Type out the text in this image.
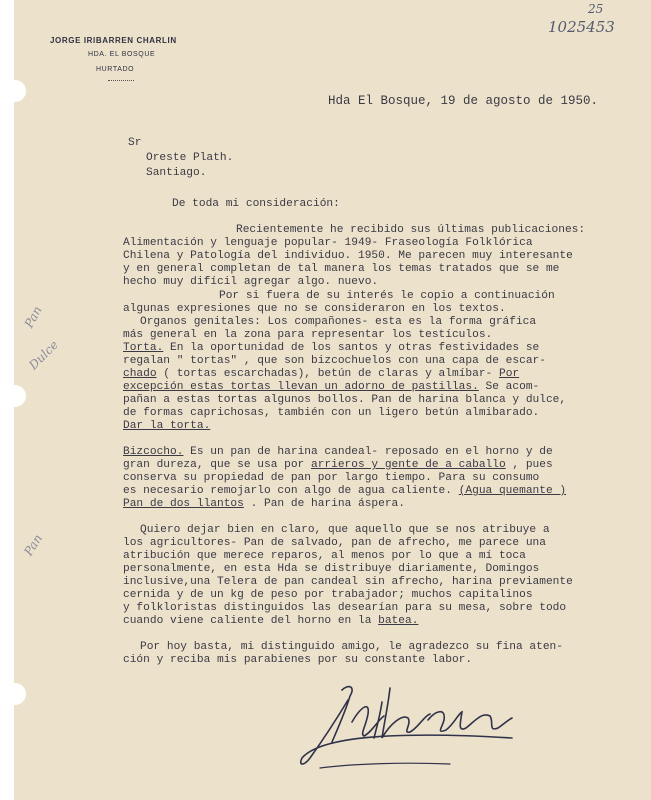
25
1025453
JORGE IRIBARREN CHARLIN
HDA. EL BOSQUE
HURTADO
Hda El Bosque, 19 de agosto de 1950.
Sr
Oreste Plath.
Santiago.
De toda mi consideración:
Pan
Dulce
Pan
Recientemente he recibido sus últimas publicaciones:
Alimentación y lenguaje popular- 1949- Fraseología Folklórica
Chilena y Patología del individuo. 1950. Me parecen muy interesante
y en general completan de tal manera los temas tratados que se me
hecho muy difícil agregar algo. nuevo.
Por si fuera de su interés le copio a continuación
algunas expresiones que no se consideraron en los textos.
Organos genitales: Los compañones- esta es la forma gráfica
más general en la zona para representar los testículos.
Torta. En la oportunidad de los santos y otras festividades se
regalan " tortas" , que son bizcochuelos con una capa de escar-
chado ( tortas escarchadas), betún de claras y almíbar- Por
excepción estas tortas llevan un adorno de pastillas. Se acom-
pañan a estas tortas algunos bollos. Pan de harina blanca y dulce,
de formas caprichosas, también con un ligero betún almibarado.
Dar la torta.
Bizcocho. Es un pan de harina candeal- reposado en el horno y de
gran dureza, que se usa por arrieros y gente de a caballo , pues
conserva su propiedad de pan por largo tiempo. Para su consumo
es necesario remojarlo con algo de agua caliente. (Agua quemante )
Pan de dos llantos . Pan de harina áspera.
Quiero dejar bien en claro, que aquello que se nos atribuye a
los agricultores- Pan de salvado, pan de afrecho, me parece una
atribución que merece reparos, al menos por lo que a mí toca
personalmente, en esta Hda se distribuye diariamente, Domingos
inclusive,una Telera de pan candeal sin afrecho, harina previamente
cernida y de un kg de peso por trabajador; muchos capitalinos
y folkloristas distinguidos las desearían para su mesa, sobre todo
cuando viene caliente del horno en la batea.
Por hoy basta, mi distinguido amigo, le agradezco su fina aten-
ción y reciba mis parabienes por su constante labor.
